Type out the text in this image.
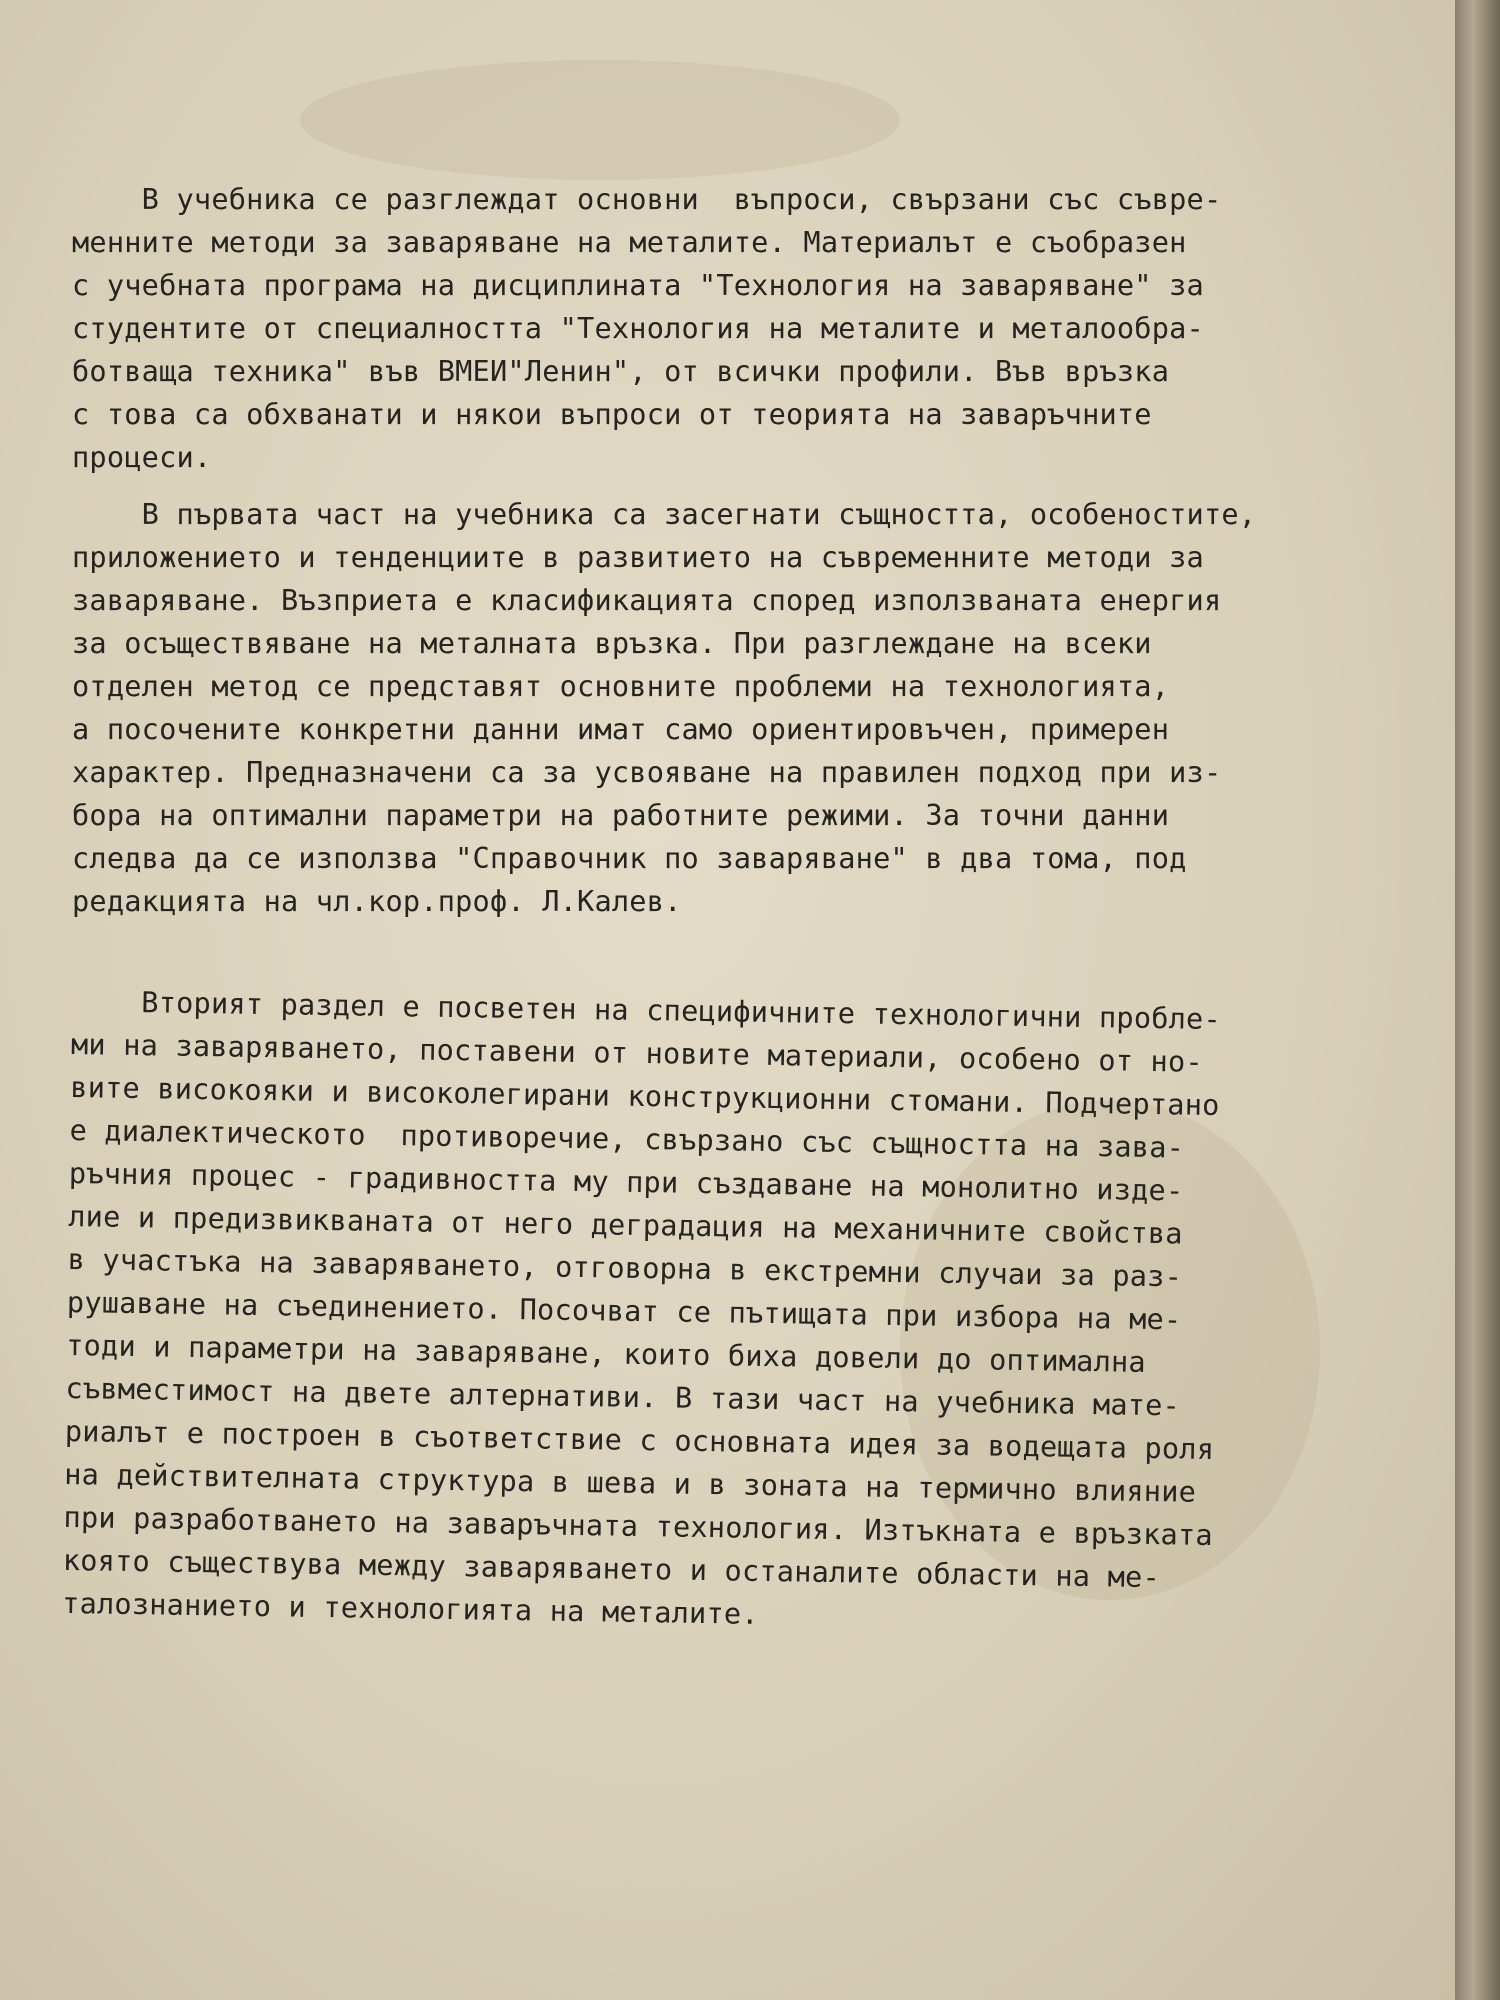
В учебника се разглеждат основни  въпроси, свързани със съвре-
менните методи за заваряване на металите. Материалът е съобразен
с учебната програма на дисциплината "Технология на заваряване" за
студентите от специалността "Технология на металите и металообра-
ботваща техника" във ВМЕИ"Ленин", от всички профили. Във връзка
с това са обхванати и някои въпроси от теорията на заваръчните
процеси.
В първата част на учебника са засегнати същността, особеностите,
приложението и тенденциите в развитието на съвременните методи за
заваряване. Възприета е класификацията според използваната енергия
за осъществяване на металната връзка. При разглеждане на всеки
отделен метод се представят основните проблеми на технологията,
а посочените конкретни данни имат само ориентировъчен, примерен
характер. Предназначени са за усвояване на правилен подход при из-
бора на оптимални параметри на работните режими. За точни данни
следва да се използва "Справочник по заваряване" в два тома, под
редакцията на чл.кор.проф. Л.Калев.
Вторият раздел е посветен на специфичните технологични пробле-
ми на заваряването, поставени от новите материали, особено от но-
вите високояки и високолегирани конструкционни стомани. Подчертано
е диалектическото  противоречие, свързано със същността на зава-
ръчния процес - градивността му при създаване на монолитно изде-
лие и предизвикваната от него деградация на механичните свойства
в участъка на заваряването, отговорна в екстремни случаи за раз-
рушаване на съединението. Посочват се пътищата при избора на ме-
тоди и параметри на заваряване, които биха довели до оптимална
съвместимост на двете алтернативи. В тази част на учебника мате-
риалът е построен в съответствие с основната идея за водещата роля
на действителната структура в шева и в зоната на термично влияние
при разработването на заваръчната технология. Изтъкната е връзката
която съществува между заваряването и останалите области на ме-
талознанието и технологията на металите.
